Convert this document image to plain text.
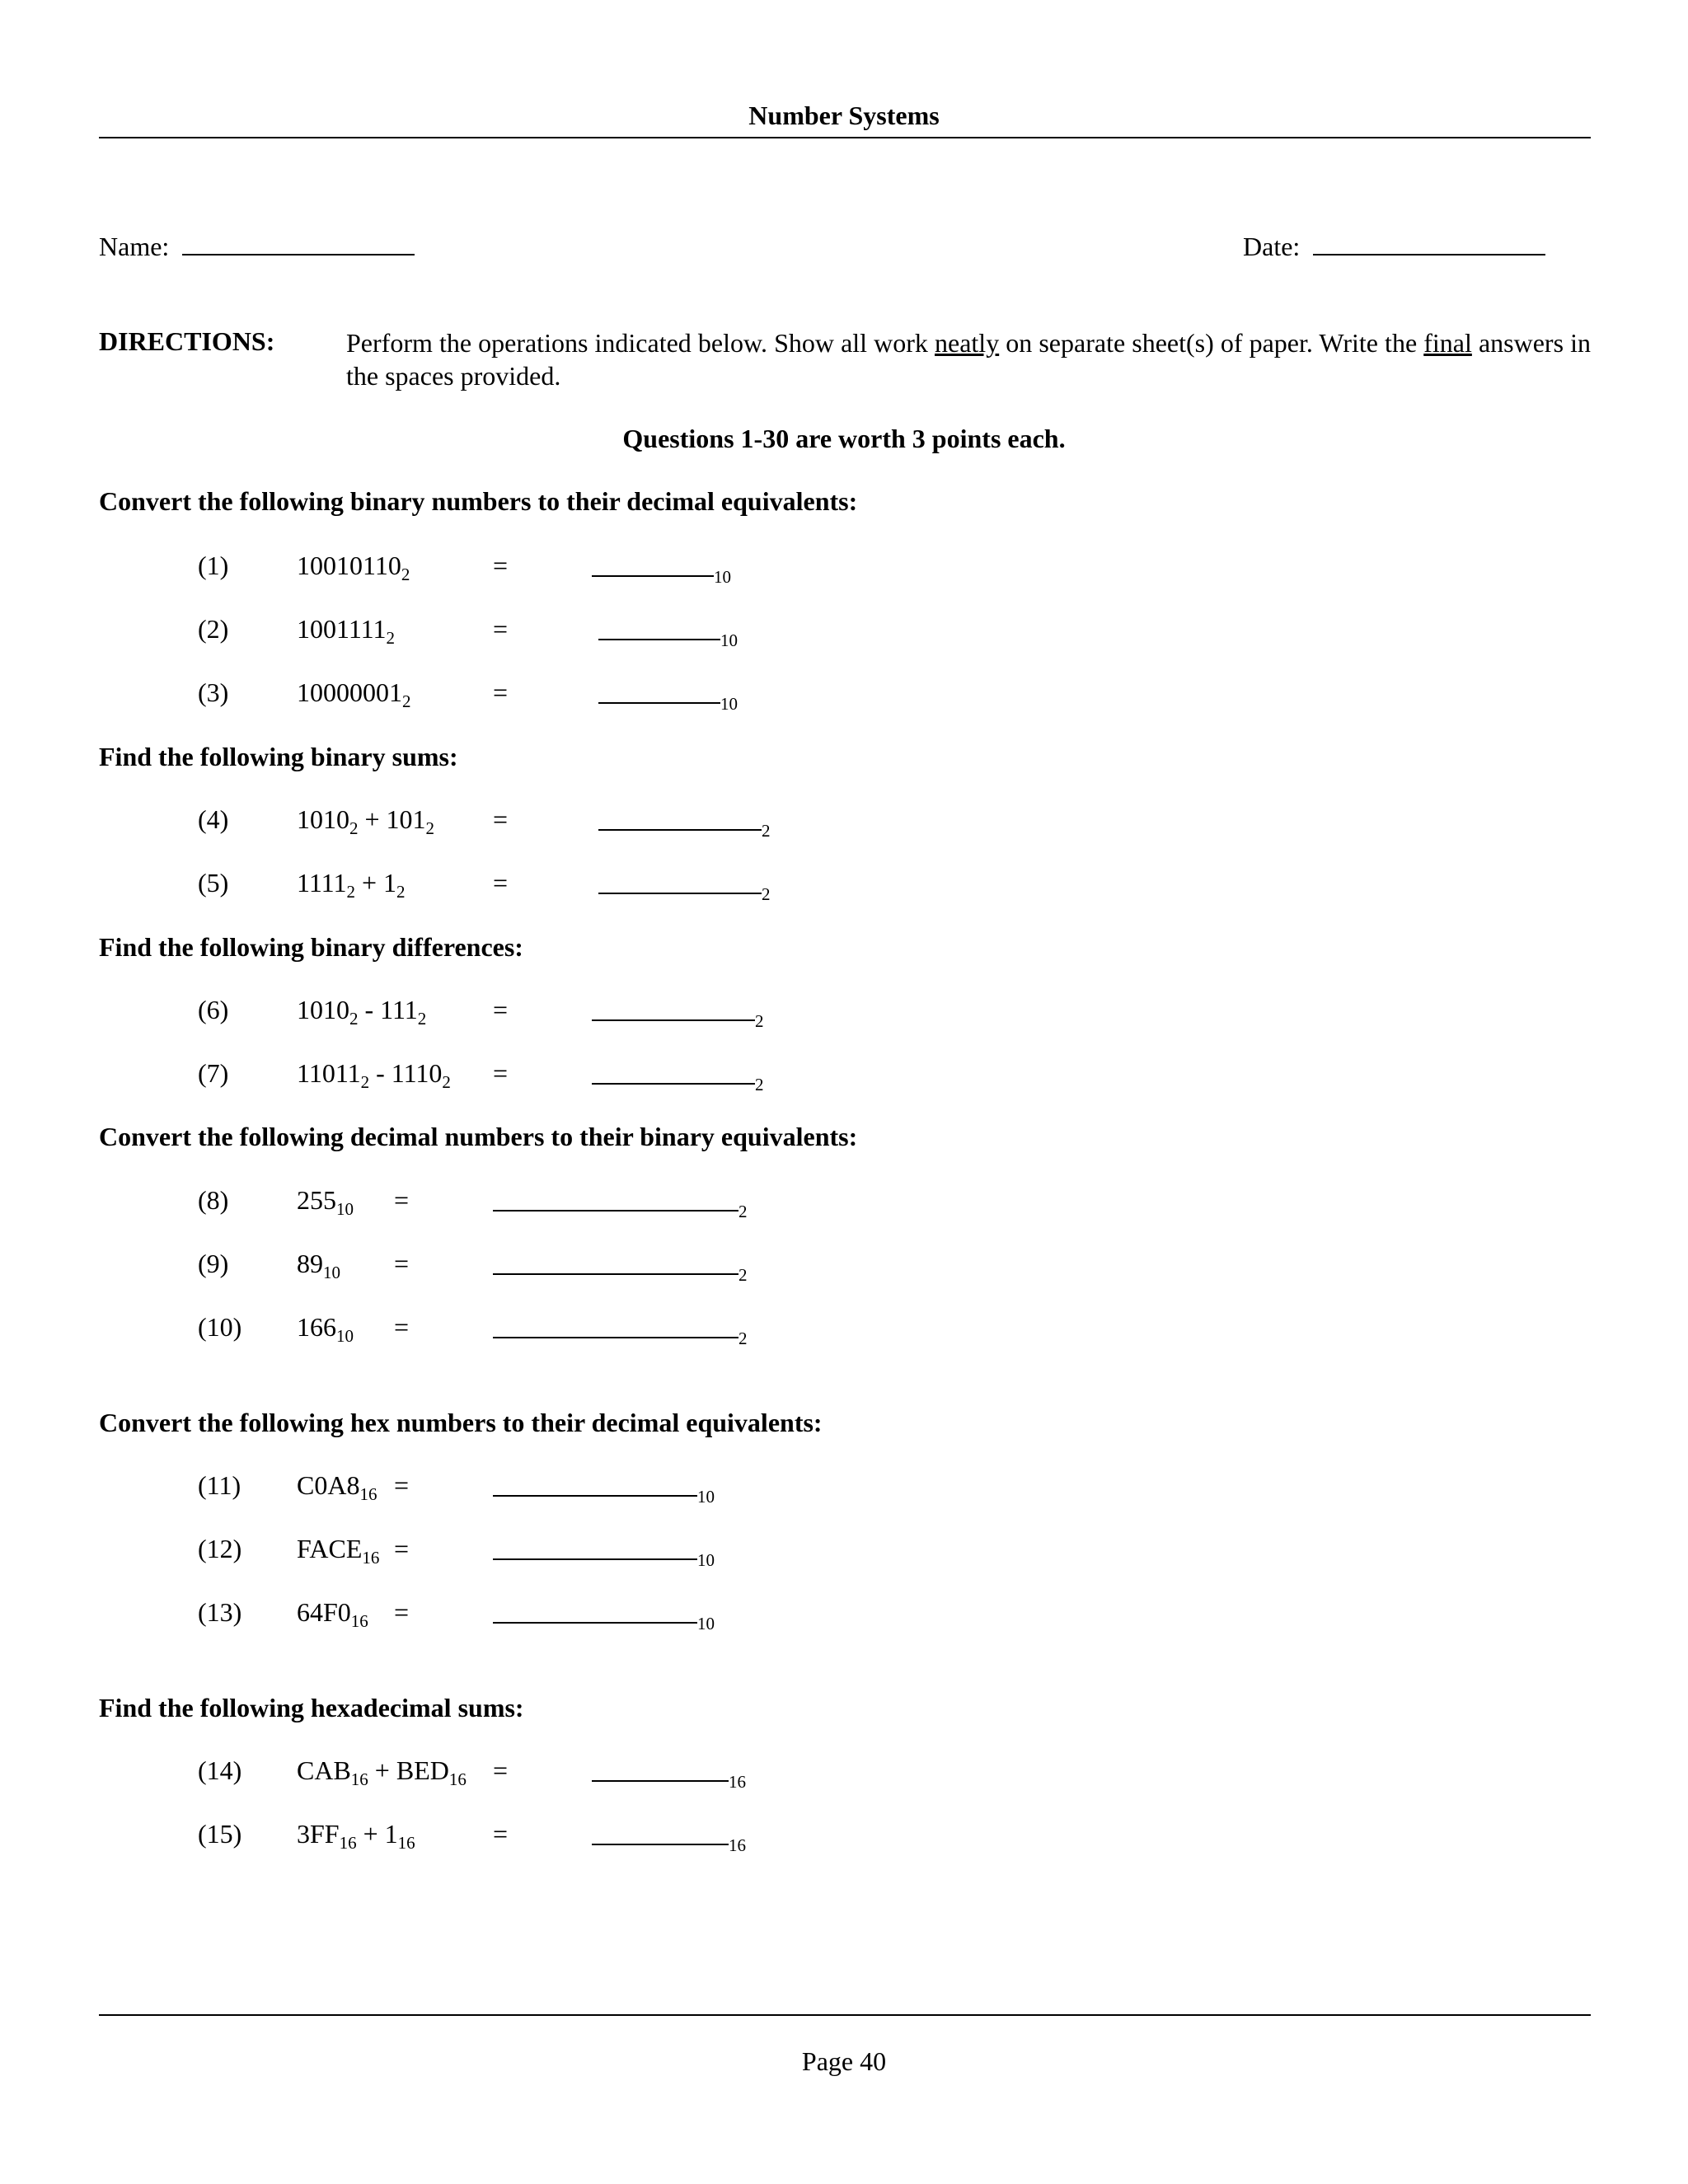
Number Systems
Name:	Date:
DIRECTIONS:	Perform the operations indicated below. Show all work neatly on separate sheet(s) of paper. Write the final answers in the spaces provided.
Questions 1-30 are worth 3 points each.
Convert the following binary numbers to their decimal equivalents:
(1)	$10010110_2$	=	$_{10}$
(2)	$1001111_2$	=	$_{10}$
(3)	$10000001_2$	=	$_{10}$
Find the following binary sums:
(4)	$1010_2 + 101_2$ =	$_2$
(5)	$1111_2 + 1_2$	=	$_2$
Find the following binary differences:
(6)	$1010_2 - 111_2$	=	$_2$
(7)	$11011_2 - 1110_2$ =	$_2$
Convert the following decimal numbers to their binary equivalents:
(8)	$255_{10}$ =	$_2$
(9)	$89_{10}$ =	$_2$
(10) $166_{10}$ =	$_2$
Convert the following hex numbers to their decimal equivalents:
(11) $C0A8_{16}$ =	$_{10}$
(12) $FACE_{16}$ =	$_{10}$
(13) $64F0_{16}$ =	$_{10}$
Find the following hexadecimal sums:
(14) $CAB_{16} + BED_{16}$ =	$_{16}$
(15) $3FF_{16} + 1_{16}$	=	$_{16}$
Page 40
